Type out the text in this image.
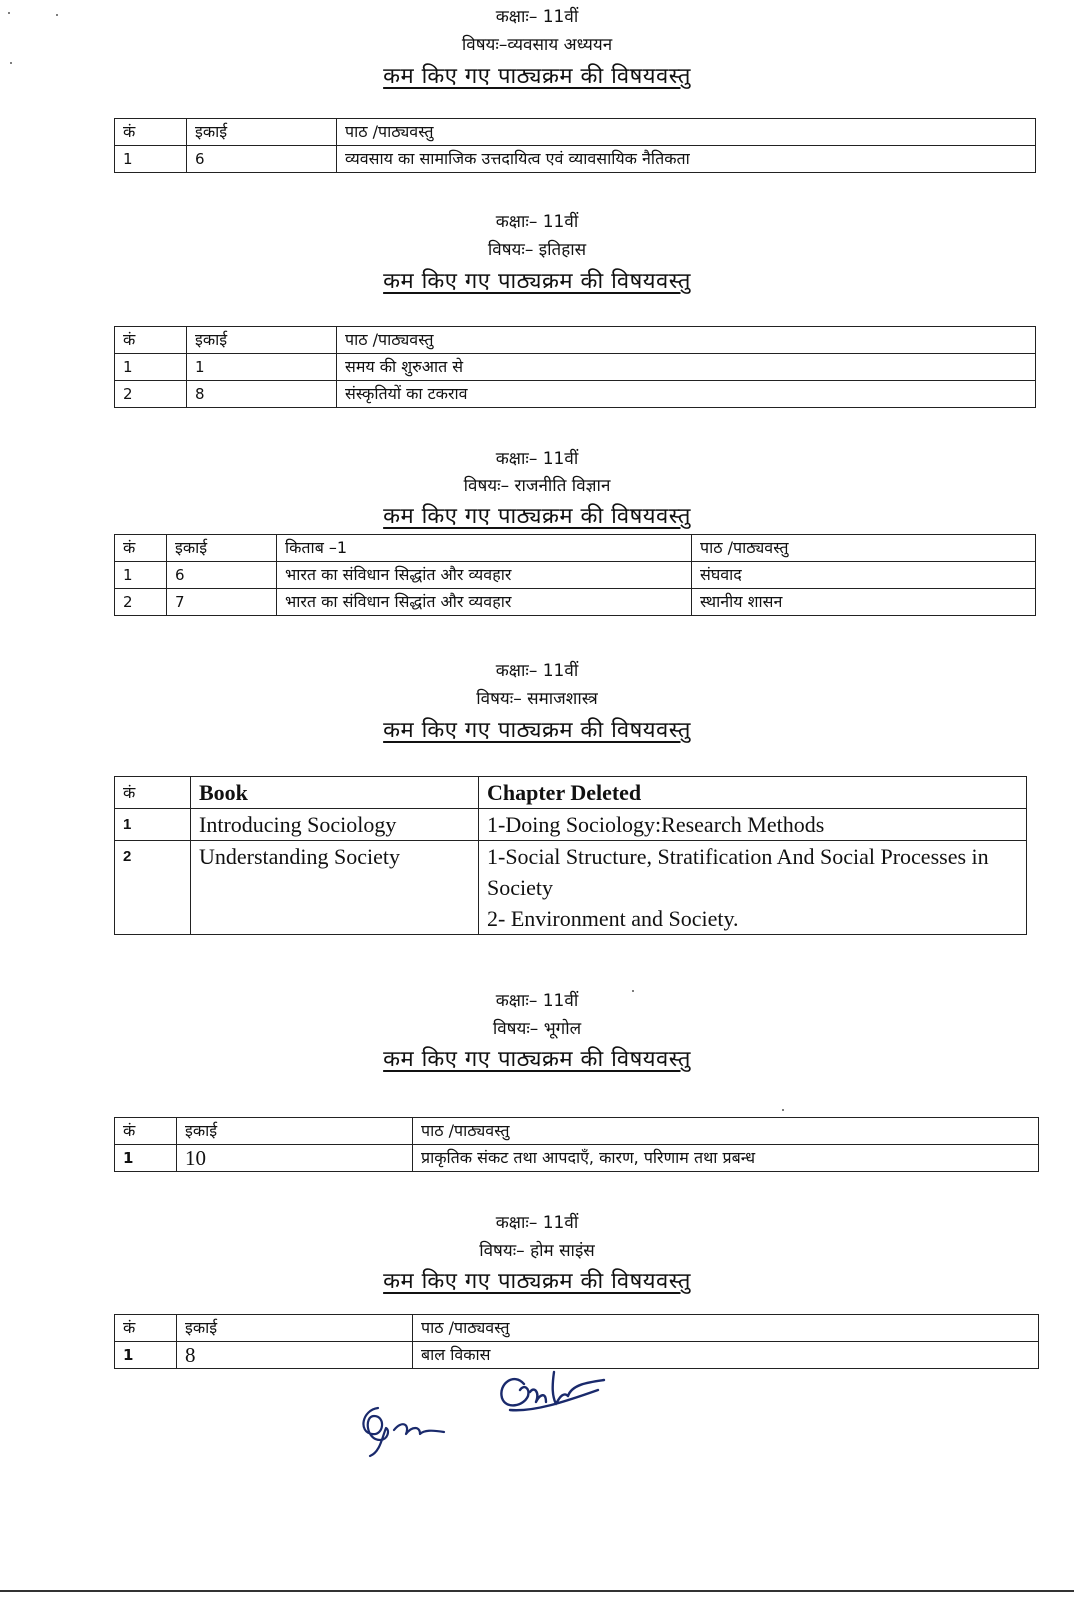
कक्षाः– 11वीं
विषयः–व्यवसाय अध्ययन
कम किए गए पाठ्यक्रम की विषयवस्तु
कं	इकाई	पाठ /पाठ्यवस्तु
1	6	व्यवसाय का सामाजिक उत्तदायित्व एवं व्यावसायिक नैतिकता
कक्षाः– 11वीं
विषयः– इतिहास
कम किए गए पाठ्यक्रम की विषयवस्तु
कं	इकाई	पाठ /पाठ्यवस्तु
1	1	समय की शुरुआत से
2	8	संस्कृतियों का टकराव
कक्षाः– 11वीं
विषयः– राजनीति विज्ञान
कम किए गए पाठ्यक्रम की विषयवस्तु
कं	इकाई	किताब –1	पाठ /पाठ्यवस्तु
1	6	भारत का संविधान सिद्धांत और व्यवहार	संघवाद
2	7	भारत का संविधान सिद्धांत और व्यवहार	स्थानीय शासन
कक्षाः– 11वीं
विषयः– समाजशास्त्र
कम किए गए पाठ्यक्रम की विषयवस्तु
कं	Book	Chapter Deleted
1	Introducing Sociology	1-Doing Sociology:Research Methods
2	Understanding Society	1-Social Structure, Stratification And Social Processes in Society
2- Environment and Society.
कक्षाः– 11वीं
विषयः– भूगोल
कम किए गए पाठ्यक्रम की विषयवस्तु
कं	इकाई	पाठ /पाठ्यवस्तु
1	10	प्राकृतिक संकट तथा आपदाएँ, कारण, परिणाम तथा प्रबन्ध
कक्षाः– 11वीं
विषयः– होम साइंस
कम किए गए पाठ्यक्रम की विषयवस्तु
कं	इकाई	पाठ /पाठ्यवस्तु
1	8	बाल विकास
